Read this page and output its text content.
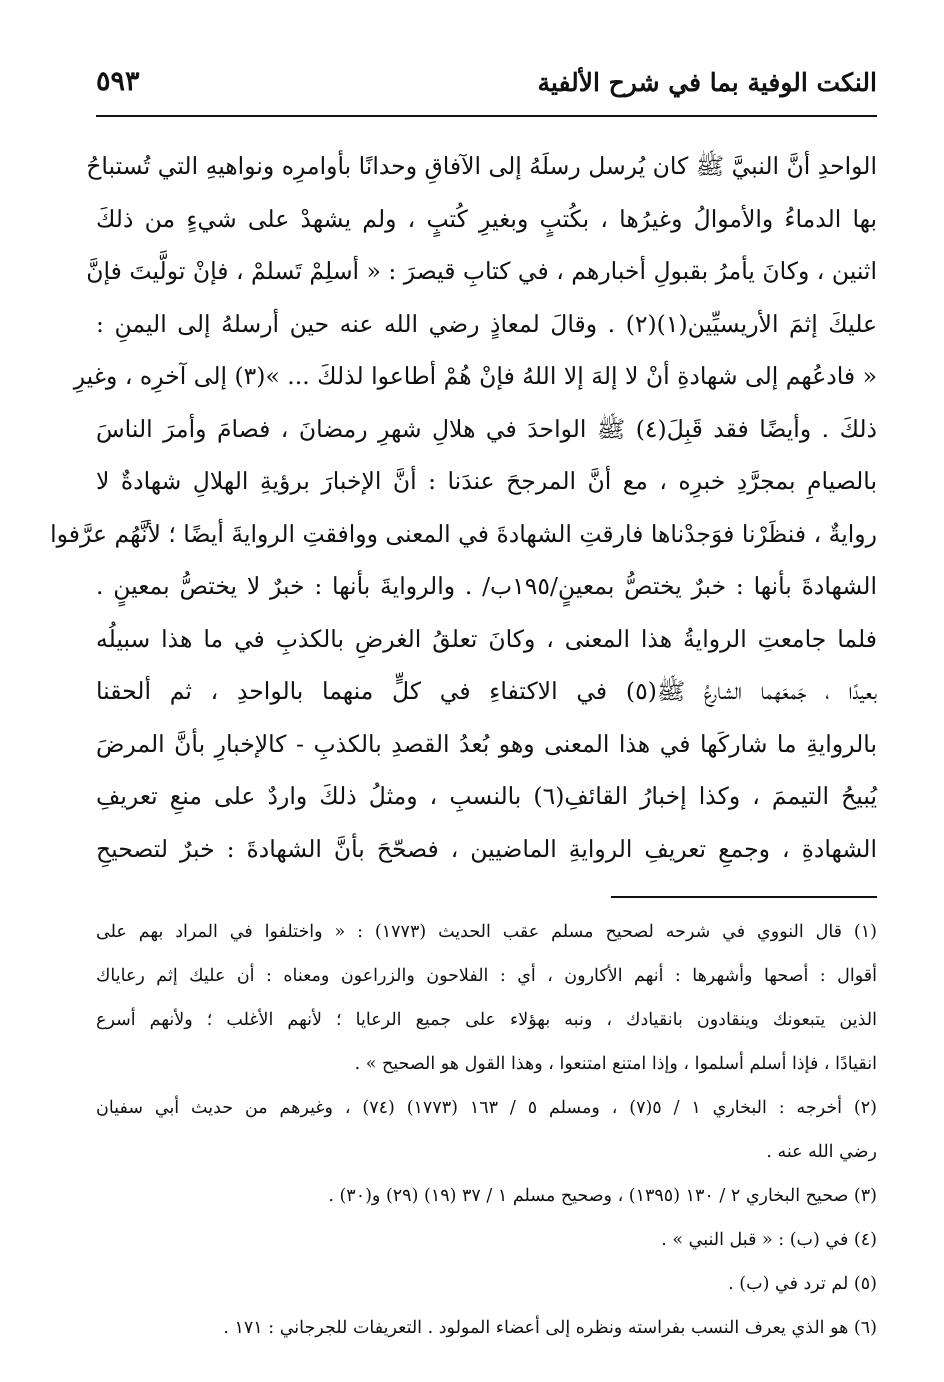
النكت الوفية بما في شرح الألفية
٥٩٣
الواحدِ أنَّ النبيَّ ﷺ كان يُرسل رسلَهُ إلى الآفاقِ وحدانًا بأوامرِه ونواهيهِ التي تُستباحُ
بها الدماءُ والأموالُ وغيرُها ، بكُتبٍ وبغيرِ كُتبٍ ، ولم يشهدْ على شيءٍ من ذلكَ
اثنين ، وكانَ يأمرُ بقبولِ أخبارهم ، في كتابِ قيصرَ : « أسلِمْ تَسلمْ ، فإنْ تولَّيتَ فإنَّ
عليكَ إثمَ الأريسيِّين(١)(٢) . وقالَ لمعاذٍ رضي الله عنه حين أرسلهُ إلى اليمنِ :
« فادعُهم إلى شهادةِ أنْ لا إلهَ إلا اللهُ فإنْ هُمْ أطاعوا لذلكَ ... »(٣) إلى آخرِه ، وغيرِ
ذلكَ . وأيضًا فقد قَبِلَ(٤) ﷺ الواحدَ في هلالِ شهرِ رمضانَ ، فصامَ وأمرَ الناسَ
بالصيامِ بمجرَّدِ خبرِه ، مع أنَّ المرجحَ عندَنا : أنَّ الإخبارَ برؤيةِ الهلالِ شهادةٌ لا
روايةٌ ، فنظَرْنا فوَجدْناها فارقتِ الشهادةَ في المعنى ووافقتِ الروايةَ أيضًا ؛ لأنَّهُم عرَّفوا
الشهادةَ بأنها : خبرٌ يختصُّ بمعينٍ/١٩٥ب/ . والروايةَ بأنها : خبرٌ لا يختصُّ بمعينٍ .
فلما جامعتِ الروايةُ هذا المعنى ، وكانَ تعلقُ الغرضِ بالكذبِ في ما هذا سبيلُه
بعيدًا ، جَمعَهما الشارعُ ﷺ(٥) في الاكتفاءِ في كلٍّ منهما بالواحدِ ، ثم ألحقنا
بالروايةِ ما شاركَها في هذا المعنى وهو بُعدُ القصدِ بالكذبِ - كالإخبارِ بأنَّ المرضَ
يُبيحُ التيممَ ، وكذا إخبارُ القائفِ(٦) بالنسبِ ، ومثلُ ذلكَ واردٌ على منعِ تعريفِ
الشهادةِ ، وجمعِ تعريفِ الروايةِ الماضيين ، فصحّحَ بأنَّ الشهادةَ : خبرٌ لتصحيحِ
(١) قال النووي في شرحه لصحيح مسلم عقب الحديث (١٧٧٣) : « واختلفوا في المراد بهم على
أقوال : أصحها وأشهرها : أنهم الأكارون ، أي : الفلاحون والزراعون ومعناه : أن عليك إثم رعاياك
الذين يتبعونك وينقادون بانقيادك ، ونبه بهؤلاء على جميع الرعايا ؛ لأنهم الأغلب ؛ ولأنهم أسرع
انقيادًا ، فإذا أسلم أسلموا ، وإذا امتنع امتنعوا ، وهذا القول هو الصحيح » .
(٢) أخرجه : البخاري ١ / ٥(٧) ، ومسلم ٥ / ١٦٣ (١٧٧٣) (٧٤) ، وغيرهم من حديث أبي سفيان
رضي الله عنه .
(٣) صحيح البخاري ٢ / ١٣٠ (١٣٩٥) ، وصحيح مسلم ١ / ٣٧ (١٩) (٢٩) و(٣٠) .
(٤) في (ب) : « قبل النبي » .
(٥) لم ترد في (ب) .
(٦) هو الذي يعرف النسب بفراسته ونظره إلى أعضاء المولود . التعريفات للجرجاني : ١٧١ .
